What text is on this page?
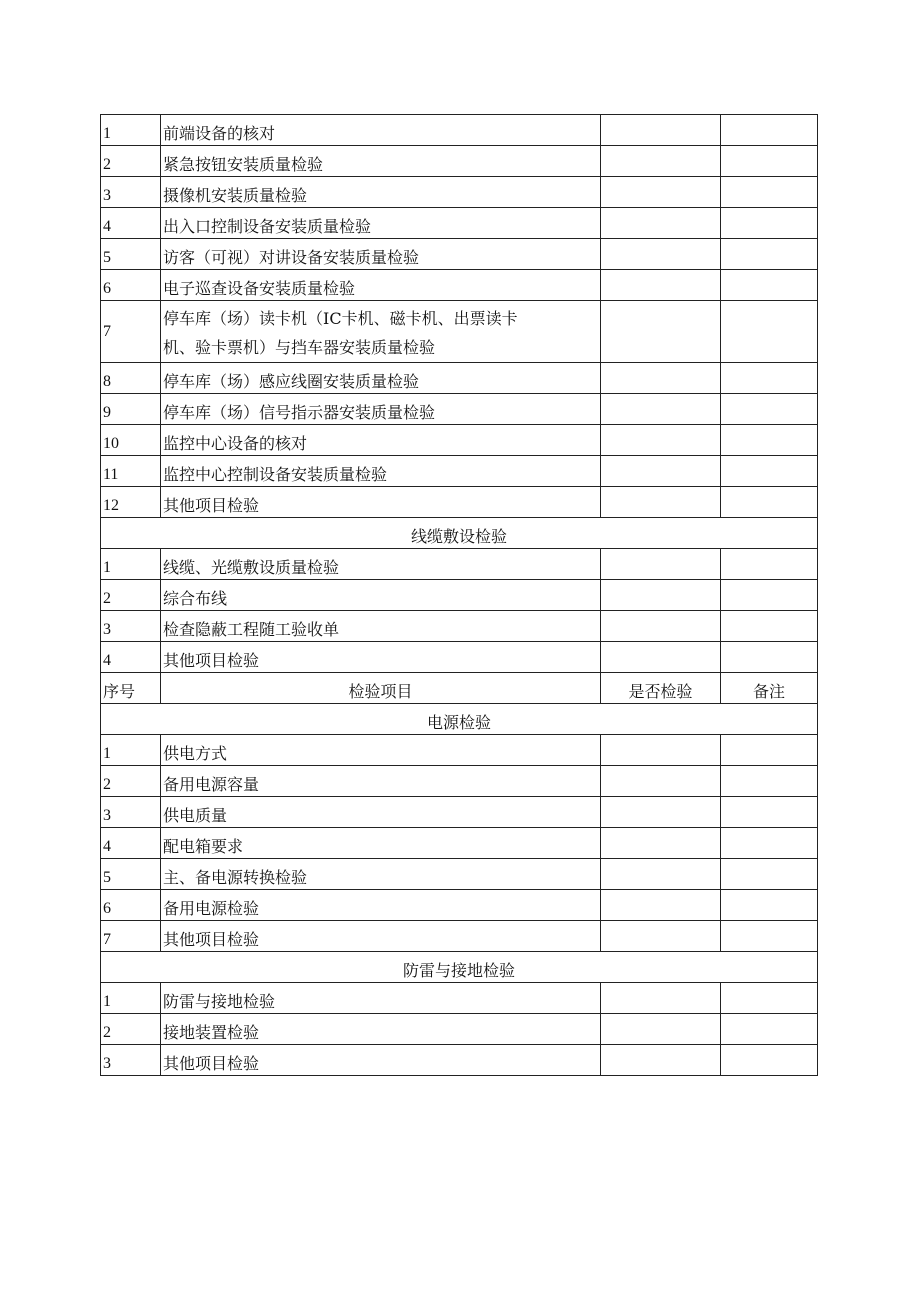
1	前端设备的核对		
2	紧急按钮安装质量检验		
3	摄像机安装质量检验		
4	出入口控制设备安装质量检验		
5	访客（可视）对讲设备安装质量检验		
6	电子巡查设备安装质量检验		
7	停车库（场）读卡机（IC卡机、磁卡机、出票读卡
机、验卡票机）与挡车器安装质量检验		
8	停车库（场）感应线圈安装质量检验		
9	停车库（场）信号指示器安装质量检验		
10	监控中心设备的核对		
11	监控中心控制设备安装质量检验		
12	其他项目检验		
线缆敷设检验			
1	线缆、光缆敷设质量检验		
2	综合布线		
3	检查隐蔽工程随工验收单		
4	其他项目检验		
序号	检验项目	是否检验	备注
电源检验			
1	供电方式		
2	备用电源容量		
3	供电质量		
4	配电箱要求		
5	主、备电源转换检验		
6	备用电源检验		
7	其他项目检验		
防雷与接地检验			
1	防雷与接地检验		
2	接地装置检验		
3	其他项目检验		
